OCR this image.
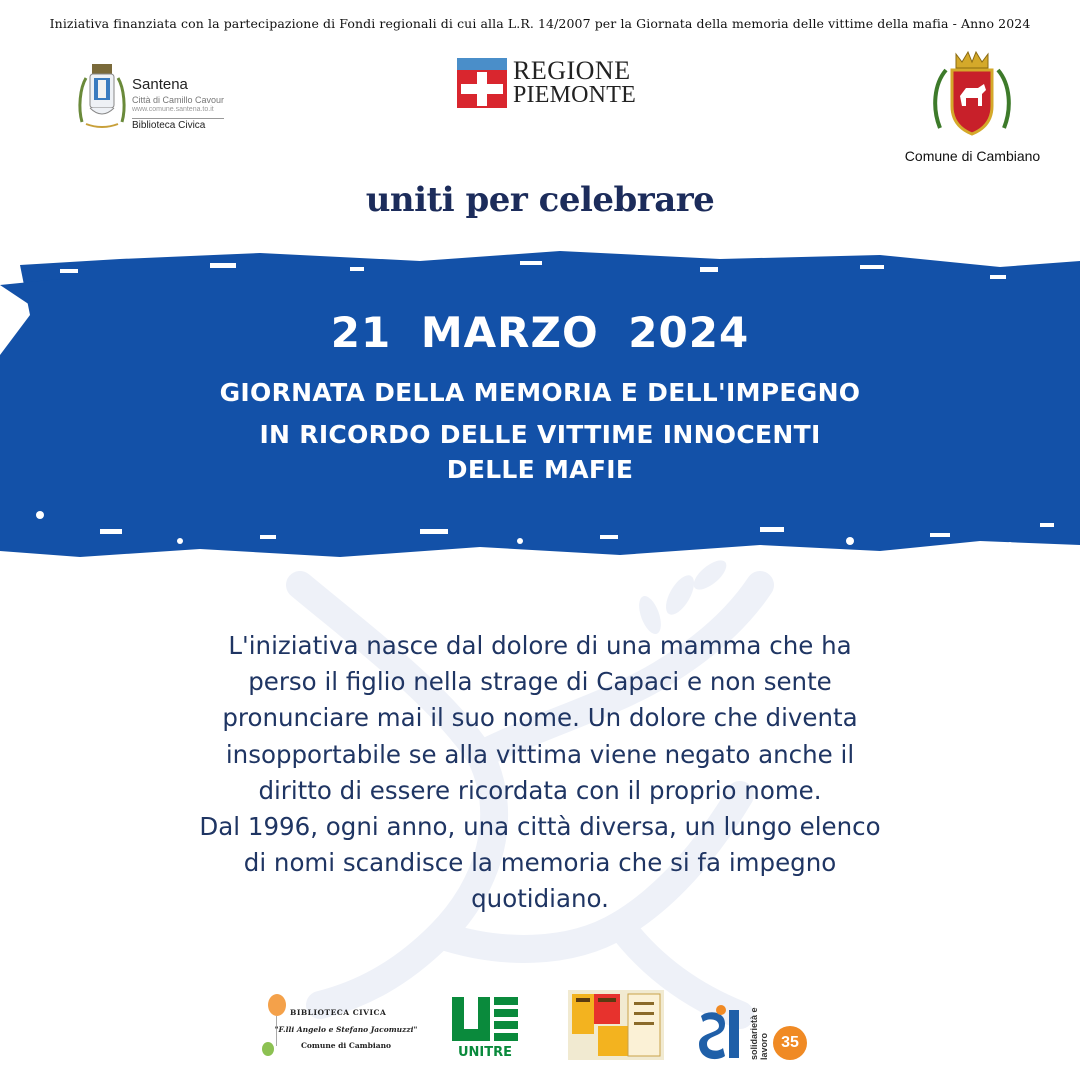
Iniziativa finanziata con la partecipazione di Fondi regionali di cui alla L.R. 14/2007 per la Giornata della memoria delle vittime della mafia - Anno 2024
Santena
Città di Camillo Cavour
www.comune.santena.to.it
Biblioteca Civica
REGIONE
PIEMONTE
Comune di Cambiano
uniti per celebrare
21 MARZO 2024
GIORNATA DELLA MEMORIA E DELL'IMPEGNO
IN RICORDO DELLE VITTIME INNOCENTI
DELLE MAFIE

L'iniziativa nasce dal dolore di una mamma che ha

perso il figlio nella strage di Capaci e non sente

pronunciare mai il suo nome. Un dolore che diventa

insopportabile se alla vittima viene negato anche il

diritto di essere ricordata con il proprio nome.

Dal 1996, ogni anno, una città diversa, un lungo elenco

di nomi scandisce la memoria che si fa impegno

quotidiano.

BIBLIOTECA CIVICA
"F.lli Angelo e Stefano Jacomuzzi"
Comune di Cambiano	UNITRE	solidarietà e lavoro 35
